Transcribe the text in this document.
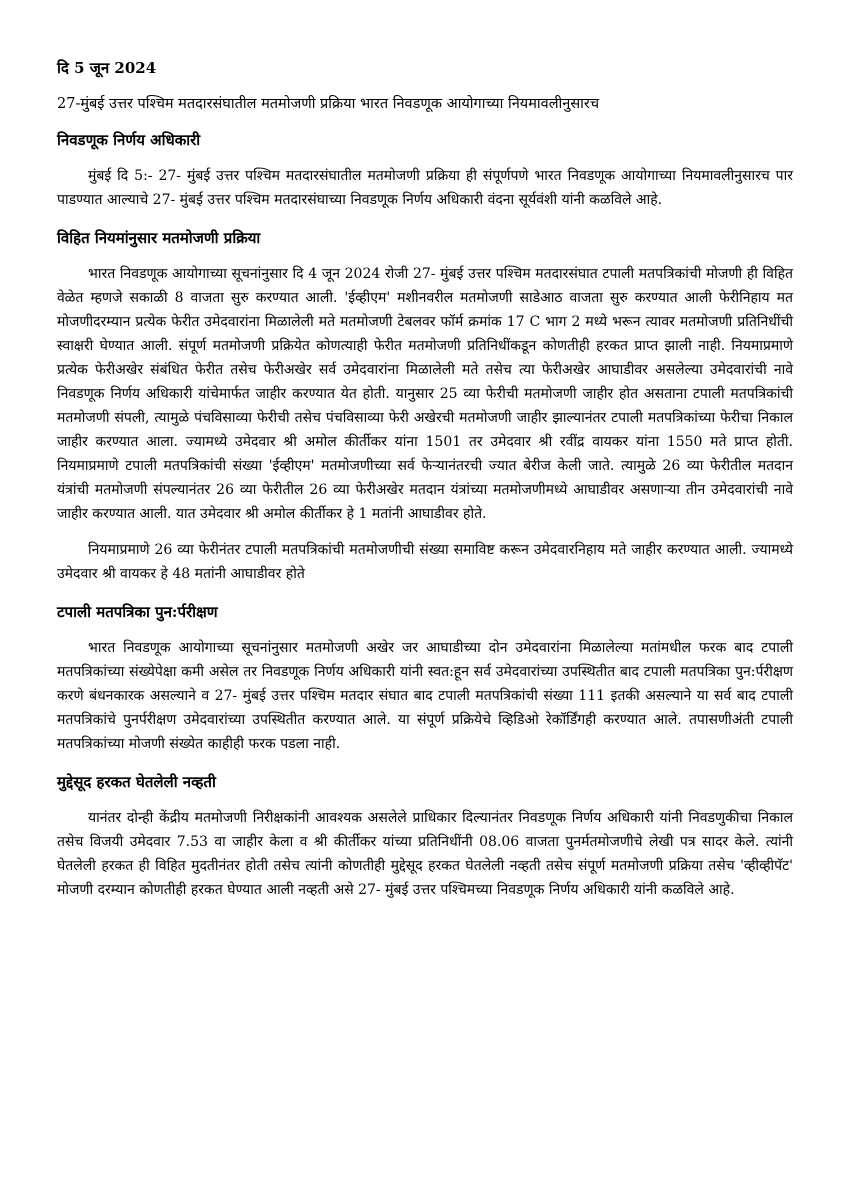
दि 5 जून 2024

27-मुंबई उत्तर पश्चिम मतदारसंघातील मतमोजणी प्रक्रिया भारत निवडणूक आयोगाच्या नियमावलीनुसारच

निवडणूक निर्णय अधिकारी

मुंबई दि 5:- 27- मुंबई उत्तर पश्चिम मतदारसंघातील मतमोजणी प्रक्रिया ही संपूर्णपणे भारत निवडणूक आयोगाच्या नियमावलीनुसारच पार पाडण्यात आल्याचे 27- मुंबई उत्तर पश्चिम मतदारसंघाच्या निवडणूक निर्णय अधिकारी वंदना सूर्यवंशी यांनी कळविले आहे.

विहित नियमांनुसार मतमोजणी प्रक्रिया

भारत निवडणूक आयोगाच्या सूचनांनुसार दि 4 जून 2024 रोजी 27- मुंबई उत्तर पश्चिम मतदारसंघात टपाली मतपत्रिकांची मोजणी ही विहित वेळेत म्हणजे सकाळी 8 वाजता सुरु करण्यात आली. 'ईव्हीएम' मशीनवरील मतमोजणी साडेआठ वाजता सुरु करण्यात आली फेरीनिहाय मत मोजणीदरम्यान प्रत्येक फेरीत उमेदवारांना मिळालेली मते मतमोजणी टेबलवर फॉर्म क्रमांक 17 C भाग 2 मध्ये भरून त्यावर मतमोजणी प्रतिनिधींची स्वाक्षरी घेण्यात आली. संपूर्ण मतमोजणी प्रक्रियेत कोणत्याही फेरीत मतमोजणी प्रतिनिधींकडून कोणतीही हरकत प्राप्त झाली नाही. नियमाप्रमाणे प्रत्येक फेरीअखेर संबंधित फेरीत तसेच फेरीअखेर सर्व उमेदवारांना मिळालेली मते तसेच त्या फेरीअखेर आघाडीवर असलेल्या उमेदवारांची नावे निवडणूक निर्णय अधिकारी यांचेमार्फत जाहीर करण्यात येत होती. यानुसार 25 व्या फेरीची मतमोजणी जाहीर होत असताना टपाली मतपत्रिकांची मतमोजणी संपली, त्यामुळे पंचविसाव्या फेरीची तसेच पंचविसाव्या फेरी अखेरची मतमोजणी जाहीर झाल्यानंतर टपाली मतपत्रिकांच्या फेरीचा निकाल जाहीर करण्यात आला. ज्यामध्ये उमेदवार श्री अमोल कीर्तीकर यांना 1501 तर उमेदवार श्री रवींद्र वायकर यांना 1550 मते प्राप्त होती. नियमाप्रमाणे टपाली मतपत्रिकांची संख्या 'ईव्हीएम' मतमोजणीच्या सर्व फेऱ्यानंतरची ज्यात बेरीज केली जाते. त्यामुळे 26 व्या फेरीतील मतदान यंत्रांची मतमोजणी संपल्यानंतर 26 व्या फेरीतील 26 व्या फेरीअखेर मतदान यंत्रांच्या मतमोजणीमध्ये आघाडीवर असणाऱ्या तीन उमेदवारांची नावे जाहीर करण्यात आली. यात उमेदवार श्री अमोल कीर्तीकर हे 1 मतांनी आघाडीवर होते.

नियमाप्रमाणे 26 व्या फेरीनंतर टपाली मतपत्रिकांची मतमोजणीची संख्या समाविष्ट करून उमेदवारनिहाय मते जाहीर करण्यात आली. ज्यामध्ये उमेदवार श्री वायकर हे 48 मतांनी आघाडीवर होते

टपाली मतपत्रिका पुन:र्परीक्षण

भारत निवडणूक आयोगाच्या सूचनांनुसार मतमोजणी अखेर जर आघाडीच्या दोन उमेदवारांना मिळालेल्या मतांमधील फरक बाद टपाली मतपत्रिकांच्या संख्येपेक्षा कमी असेल तर निवडणूक निर्णय अधिकारी यांनी स्वत:हून सर्व उमेदवारांच्या उपस्थितीत बाद टपाली मतपत्रिका पुन:र्परीक्षण करणे बंधनकारक असल्याने व 27- मुंबई उत्तर पश्चिम मतदार संघात बाद टपाली मतपत्रिकांची संख्या 111 इतकी असल्याने या सर्व बाद टपाली मतपत्रिकांचे पुनर्परीक्षण उमेदवारांच्या उपस्थितीत करण्यात आले. या संपूर्ण प्रक्रियेचे व्हिडिओ रेकॉर्डिंगही करण्यात आले. तपासणीअंती टपाली मतपत्रिकांच्या मोजणी संख्येत काहीही फरक पडला नाही.

मुद्देसूद हरकत घेतलेली नव्हती

यानंतर दोन्ही केंद्रीय मतमोजणी निरीक्षकांनी आवश्यक असलेले प्राधिकार दिल्यानंतर निवडणूक निर्णय अधिकारी यांनी निवडणुकीचा निकाल तसेच विजयी उमेदवार 7.53 वा जाहीर केला व श्री कीर्तीकर यांच्या प्रतिनिधींनी 08.06 वाजता पुनर्मतमोजणीचे लेखी पत्र सादर केले. त्यांनी घेतलेली हरकत ही विहित मुदतीनंतर होती तसेच त्यांनी कोणतीही मुद्देसूद हरकत घेतलेली नव्हती तसेच संपूर्ण मतमोजणी प्रक्रिया तसेच 'व्हीव्हीपॅट' मोजणी दरम्यान कोणतीही हरकत घेण्यात आली नव्हती असे 27- मुंबई उत्तर पश्चिमच्या निवडणूक निर्णय अधिकारी यांनी कळविले आहे.
